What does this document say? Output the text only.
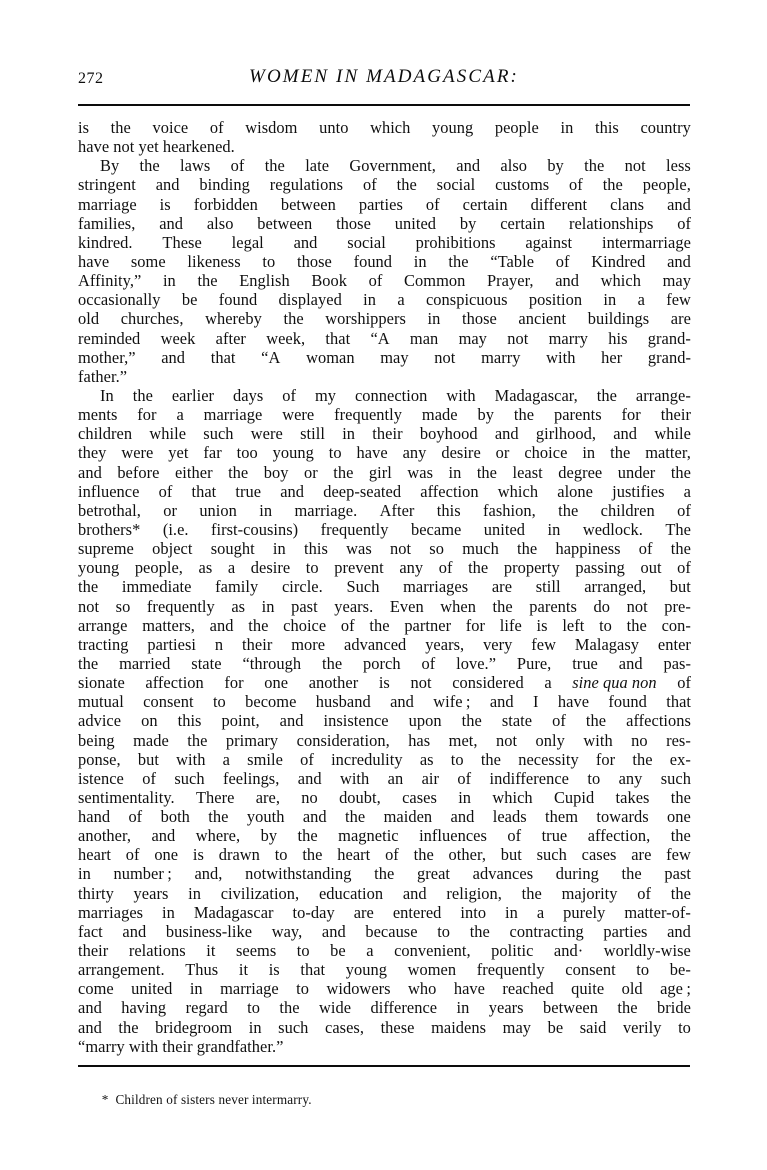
272	WOMEN IN MADAGASCAR:
is the voice of wisdom unto which young people in this country
have not yet hearkened.
By the laws of the late Government, and also by the not less
stringent and binding regulations of the social customs of the people,
marriage is forbidden between parties of certain different clans and
families, and also between those united by certain relationships of
kindred. These legal and social prohibitions against intermarriage
have some likeness to those found in the “Table of Kindred and
Affinity,” in the English Book of Common Prayer, and which may
occasionally be found displayed in a conspicuous position in a few
old churches, whereby the worshippers in those ancient buildings are
reminded week after week, that “A man may not marry his grand-
mother,” and that “A woman may not marry with her grand-
father.”
In the earlier days of my connection with Madagascar, the arrange-
ments for a marriage were frequently made by the parents for their
children while such were still in their boyhood and girlhood, and while
they were yet far too young to have any desire or choice in the matter,
and before either the boy or the girl was in the least degree under the
influence of that true and deep-seated affection which alone justifies a
betrothal, or union in marriage. After this fashion, the children of
brothers* (i.e. first-cousins) frequently became united in wedlock. The
supreme object sought in this was not so much the happiness of the
young people, as a desire to prevent any of the property passing out of
the immediate family circle. Such marriages are still arranged, but
not so frequently as in past years. Even when the parents do not pre-
arrange matters, and the choice of the partner for life is left to the con-
tracting partiesi n their more advanced years, very few Malagasy enter
the married state “through the porch of love.” Pure, true and pas-
sionate affection for one another is not considered a sine qua non of
mutual consent to become husband and wife ; and I have found that
advice on this point, and insistence upon the state of the affections
being made the primary consideration, has met, not only with no res-
ponse, but with a smile of incredulity as to the necessity for the ex-
istence of such feelings, and with an air of indifference to any such
sentimentality. There are, no doubt, cases in which Cupid takes the
hand of both the youth and the maiden and leads them towards one
another, and where, by the magnetic influences of true affection, the
heart of one is drawn to the heart of the other, but such cases are few
in number ; and, notwithstanding the great advances during the past
thirty years in civilization, education and religion, the majority of the
marriages in Madagascar to-day are entered into in a purely matter-of-
fact and business-like way, and because to the contracting parties and
their relations it seems to be a convenient, politic and· worldly-wise
arrangement. Thus it is that young women frequently consent to be-
come united in marriage to widowers who have reached quite old age ;
and having regard to the wide difference in years between the bride
and the bridegroom in such cases, these maidens may be said verily to
“marry with their grandfather.”

* Children of sisters never intermarry.
